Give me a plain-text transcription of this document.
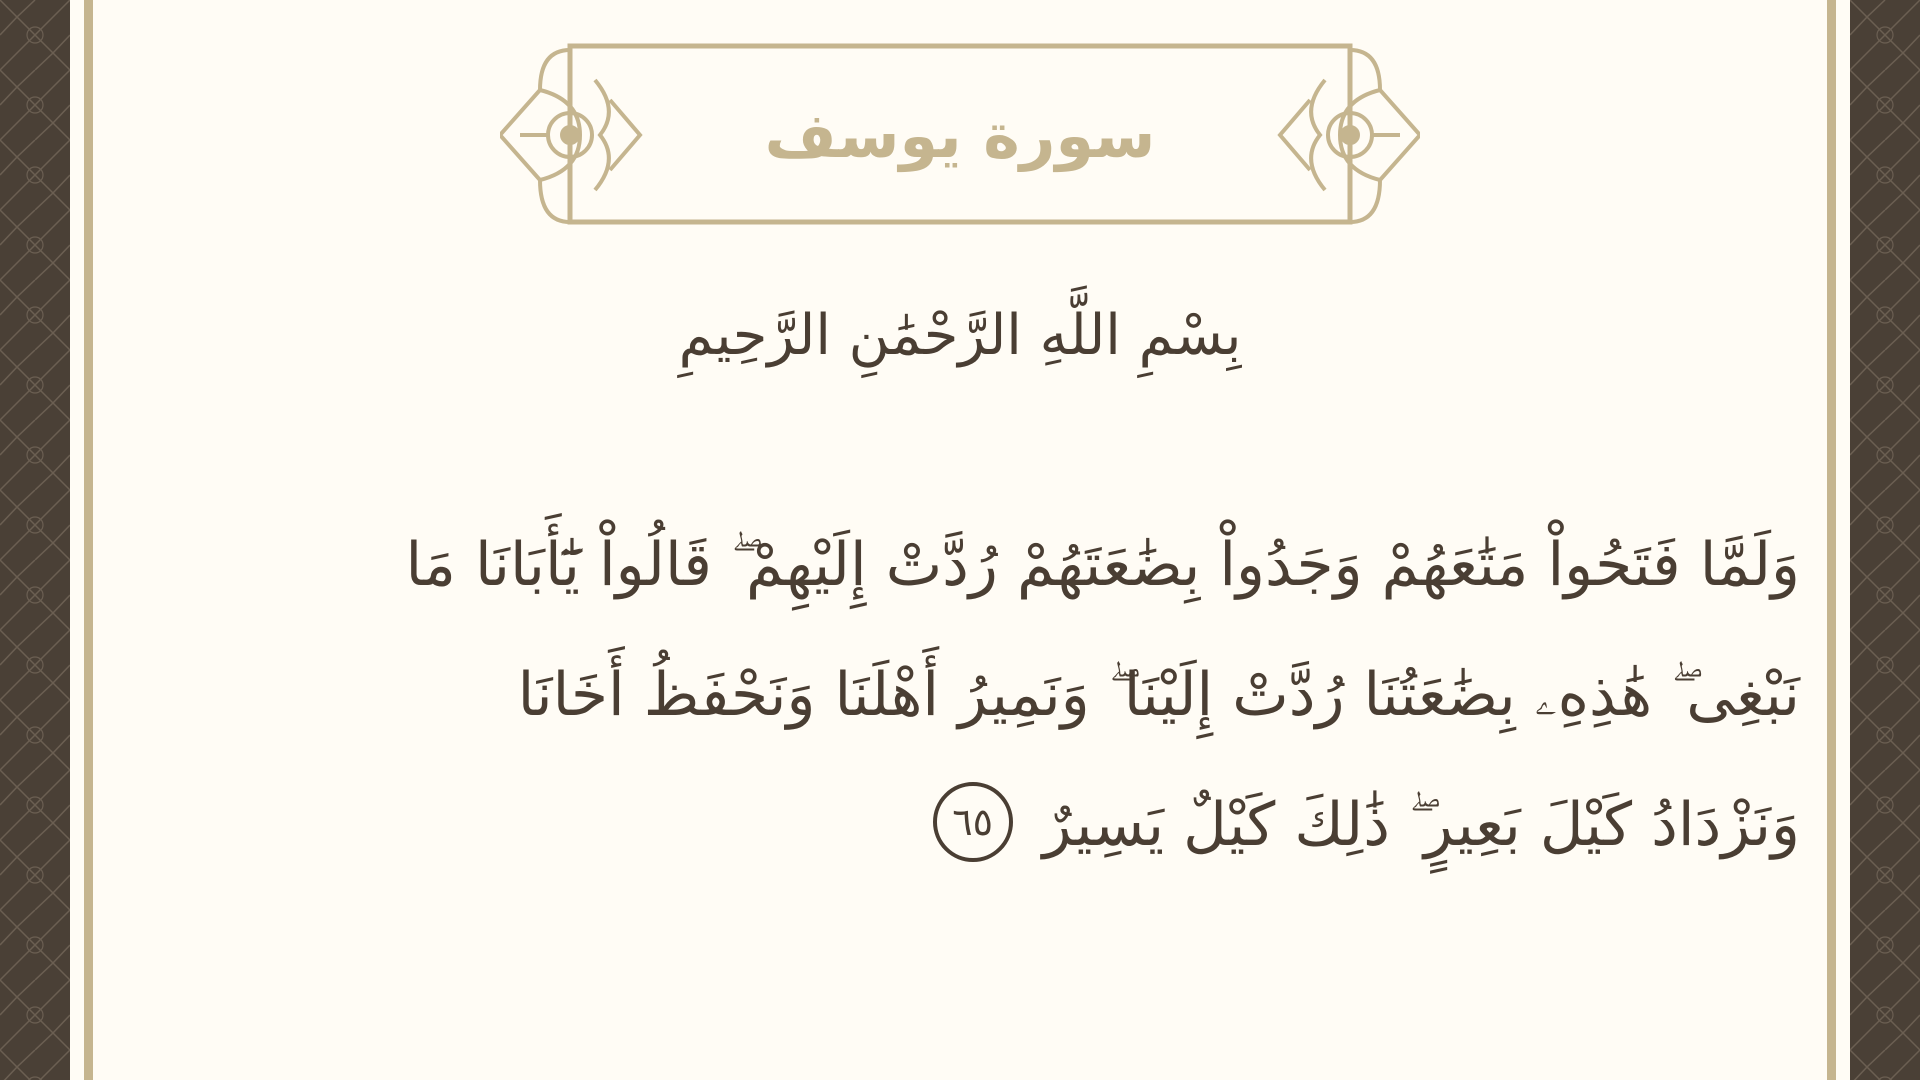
سورة يوسف
بِسْمِ اللَّهِ الرَّحْمَٰنِ الرَّحِيمِ
وَلَمَّا فَتَحُواْ مَتَٰعَهُمْ وَجَدُواْ بِضَٰعَتَهُمْ رُدَّتْ إِلَيْهِمْ ۖ قَالُواْ يَٰٓأَبَانَا مَا
نَبْغِى ۖ هَٰذِهِۦ بِضَٰعَتُنَا رُدَّتْ إِلَيْنَا ۖ وَنَمِيرُ أَهْلَنَا وَنَحْفَظُ أَخَانَا
وَنَزْدَادُ كَيْلَ بَعِيرٍ ۖ ذَٰلِكَ كَيْلٌ يَسِيرٌ٦٥
